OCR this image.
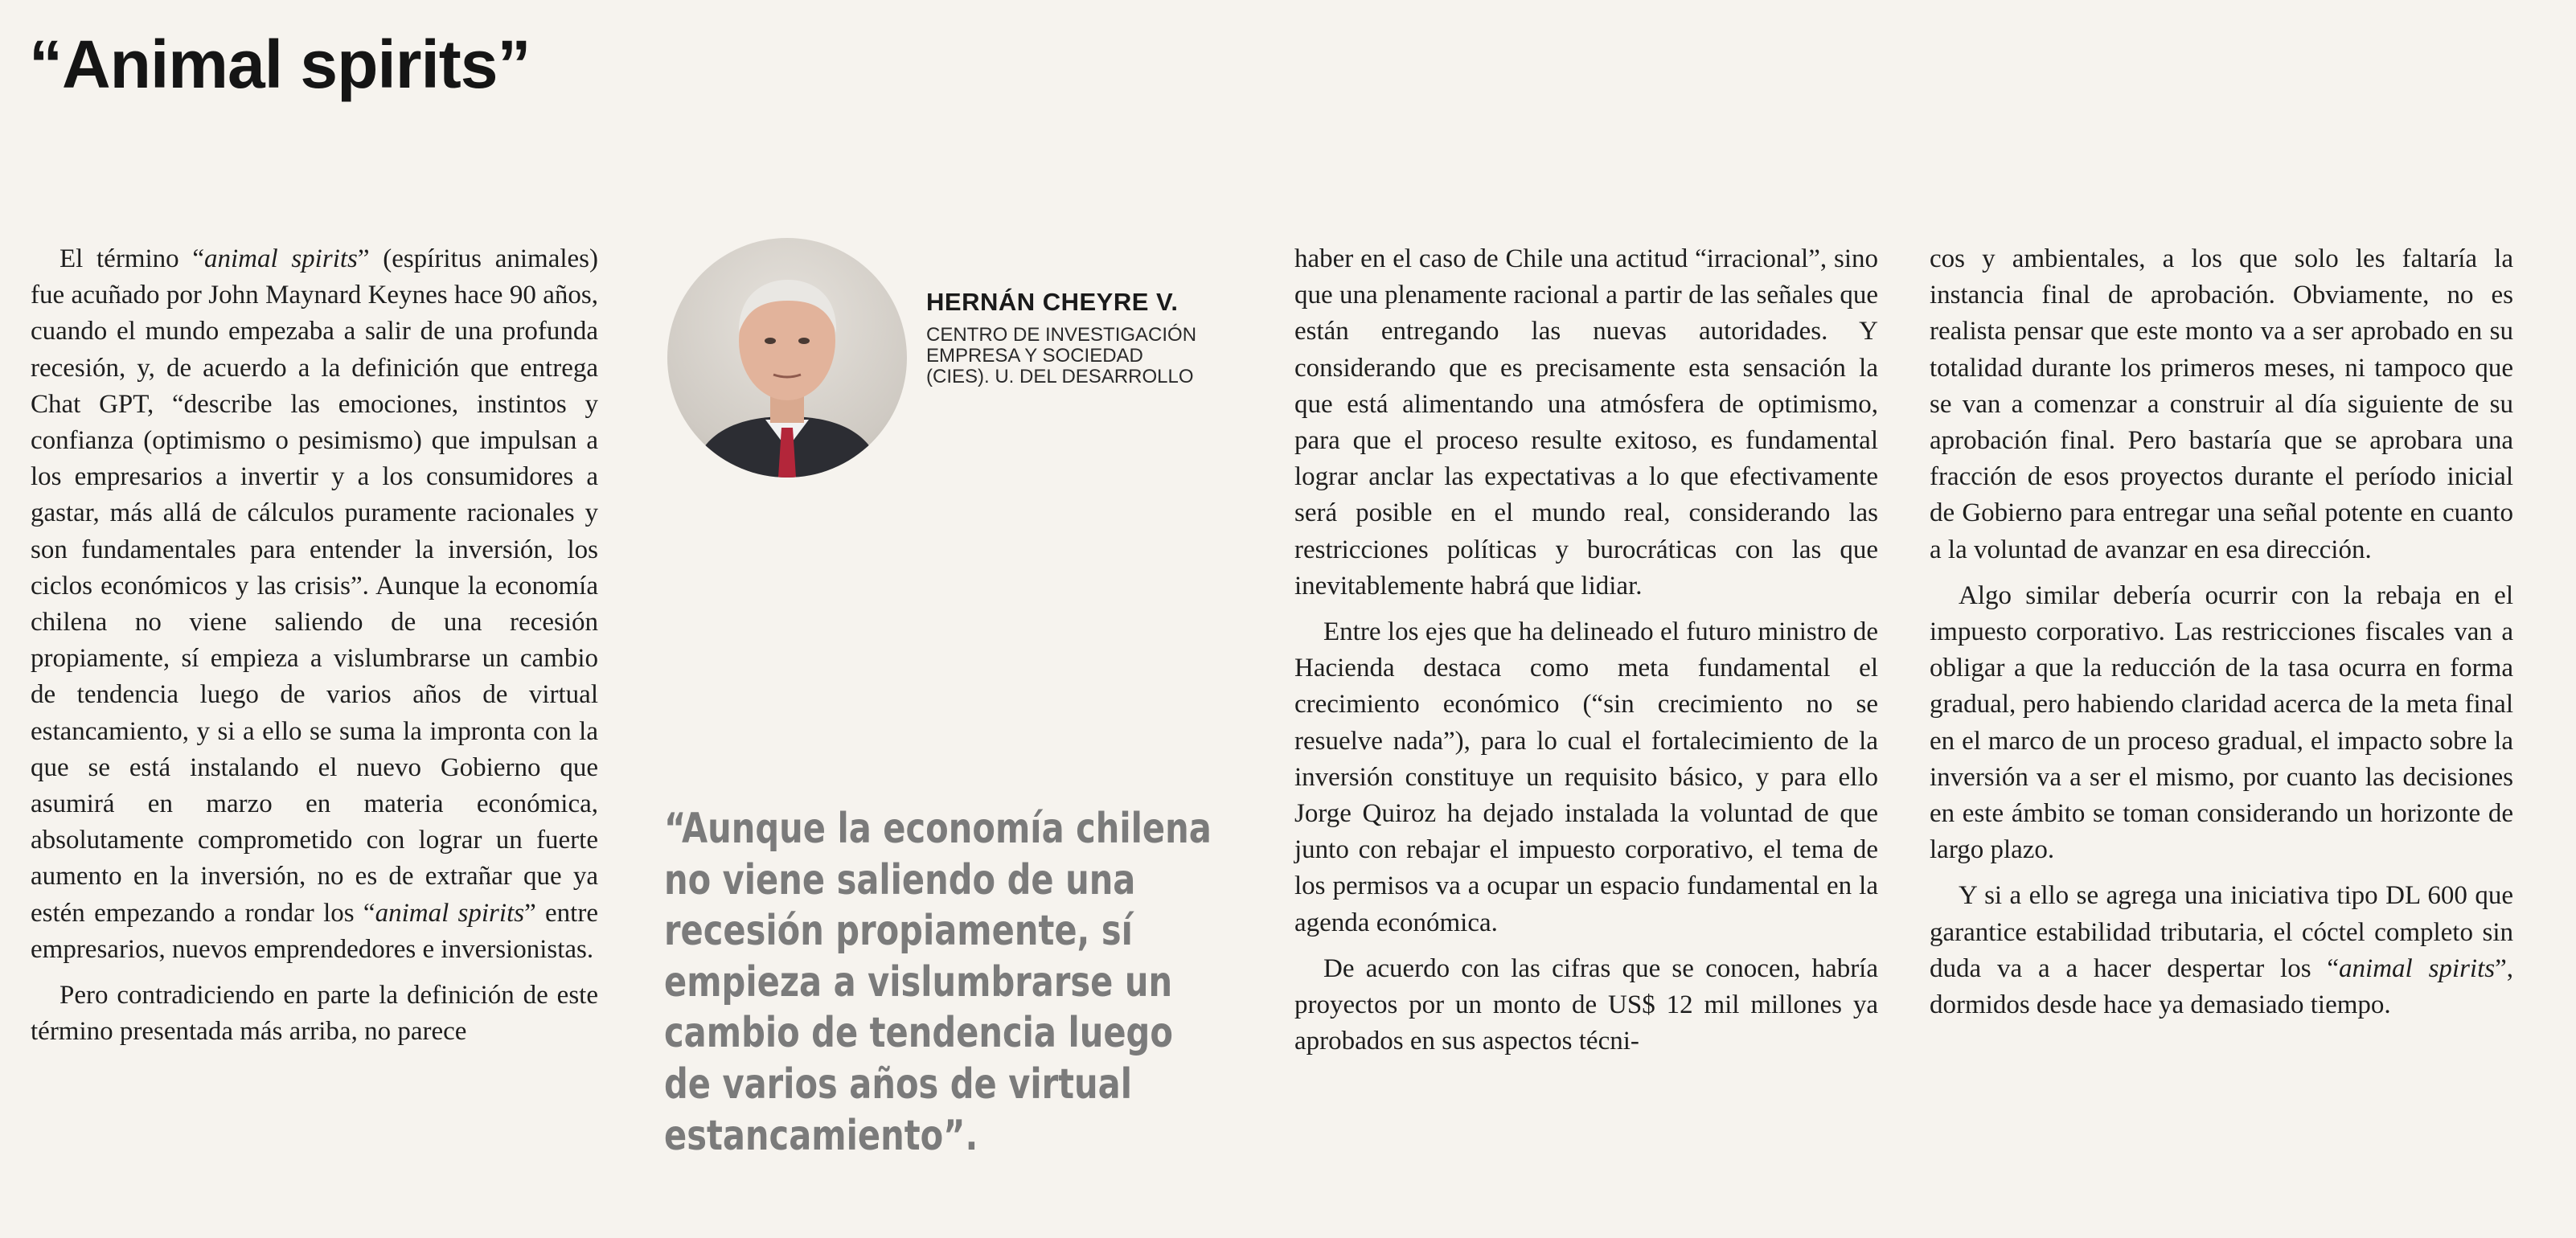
“Animal spirits”

HERNÁN CHEYRE V.

CENTRO DE INVESTIGACIÓN EMPRESA Y SOCIEDAD (CIES). U. DEL DESARROLLO

El término “animal spirits” (espíritus animales) fue acuñado por John Maynard Keynes hace 90 años, cuando el mundo empezaba a salir de una profunda recesión, y, de acuerdo a la definición que entrega Chat GPT, “describe las emociones, instintos y confianza (optimismo o pesimismo) que impulsan a los empresarios a invertir y a los consumidores a gastar, más allá de cálculos puramente racionales y son fundamentales para entender la inversión, los ciclos económicos y las crisis”. Aunque la economía chilena no viene saliendo de una recesión propiamente, sí empieza a vislumbrarse un cambio de tendencia luego de varios años de virtual estancamiento, y si a ello se suma la impronta con la que se está instalando el nuevo Gobierno que asumirá en marzo en materia económica, absolutamente comprometido con lograr un fuerte aumento en la inversión, no es de extrañar que ya estén empezando a rondar los “animal spirits” entre empresarios, nuevos emprendedores e inversionistas.

Pero contradiciendo en parte la definición de este término presentada más arriba, no parece

“Aunque la economía chilena no viene saliendo de una recesión propiamente, sí empieza a vislumbrarse un cambio de tendencia luego de varios años de virtual estancamiento”.

haber en el caso de Chile una actitud “irracional”, sino que una plenamente racional a partir de las señales que están entregando las nuevas autoridades. Y considerando que es precisamente esta sensación la que está alimentando una atmósfera de optimismo, para que el proceso resulte exitoso, es fundamental lograr anclar las expectativas a lo que efectivamente será posible en el mundo real, considerando las restricciones políticas y burocráticas con las que inevitablemente habrá que lidiar.

Entre los ejes que ha delineado el futuro ministro de Hacienda destaca como meta fundamental el crecimiento económico (“sin crecimiento no se resuelve nada”), para lo cual el fortalecimiento de la inversión constituye un requisito básico, y para ello Jorge Quiroz ha dejado instalada la voluntad de que junto con rebajar el impuesto corporativo, el tema de los permisos va a ocupar un espacio fundamental en la agenda económica.

De acuerdo con las cifras que se conocen, habría proyectos por un monto de US$ 12 mil millones ya aprobados en sus aspectos técni-

cos y ambientales, a los que solo les faltaría la instancia final de aprobación. Obviamente, no es realista pensar que este monto va a ser aprobado en su totalidad durante los primeros meses, ni tampoco que se van a comenzar a construir al día siguiente de su aprobación final. Pero bastaría que se aprobara una fracción de esos proyectos durante el período inicial de Gobierno para entregar una señal potente en cuanto a la voluntad de avanzar en esa dirección.

Algo similar debería ocurrir con la rebaja en el impuesto corporativo. Las restricciones fiscales van a obligar a que la reducción de la tasa ocurra en forma gradual, pero habiendo claridad acerca de la meta final en el marco de un proceso gradual, el impacto sobre la inversión va a ser el mismo, por cuanto las decisiones en este ámbito se toman considerando un horizonte de largo plazo.

Y si a ello se agrega una iniciativa tipo DL 600 que garantice estabilidad tributaria, el cóctel completo sin duda va a a hacer despertar los “animal spirits”, dormidos desde hace ya demasiado tiempo.
